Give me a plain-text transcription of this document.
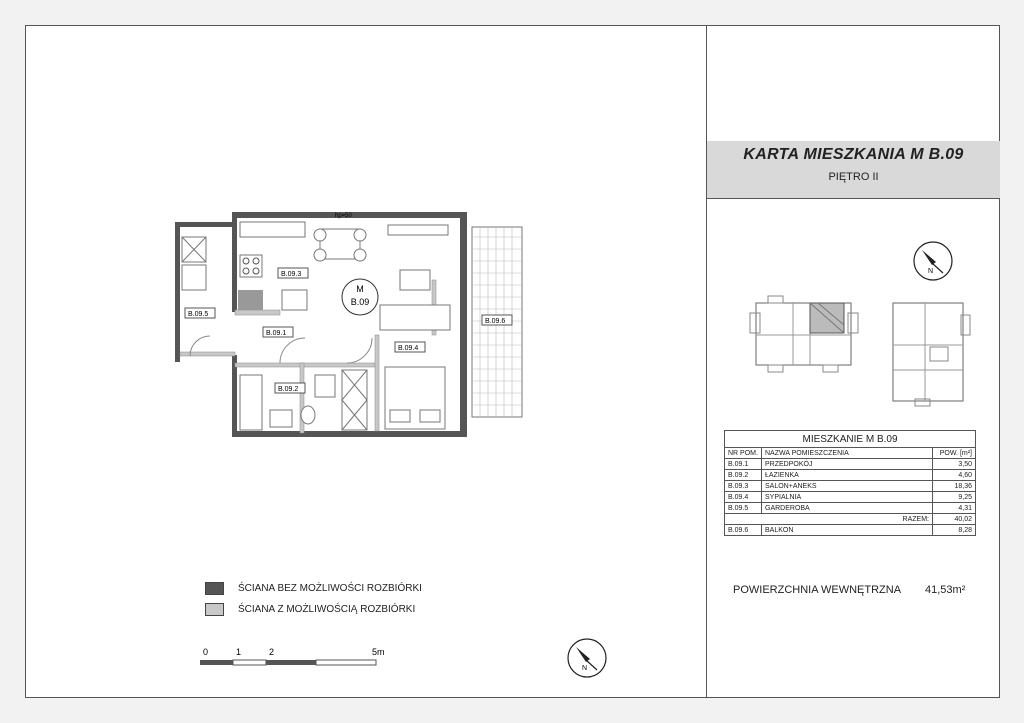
KARTA MIESZKANIA M B.09
PIĘTRO II
N
MIESZKANIE M B.09		
NR POM.	NAZWA POMIESZCZENIA	POW. [m²]
B.09.1	PRZEDPOKÓJ	3,50
B.09.2	ŁAZIENKA	4,60
B.09.3	SALON+ANEKS	18,36
B.09.4	SYPIALNIA	9,25
B.09.5	GARDEROBA	4,31
RAZEM:		40,02
B.09.6	BALKON	8,28
POWIERZCHNIA WEWNĘTRZNA 41,53m²
hp=50
M
B.09
B.09.3
B.09.5
B.09.1
B.09.4
B.09.2
B.09.6
ŚCIANA BEZ MOŻLIWOŚCI ROZBIÓRKI
ŚCIANA Z MOŻLIWOŚCIĄ ROZBIÓRKI
0	1	2	5m
N
